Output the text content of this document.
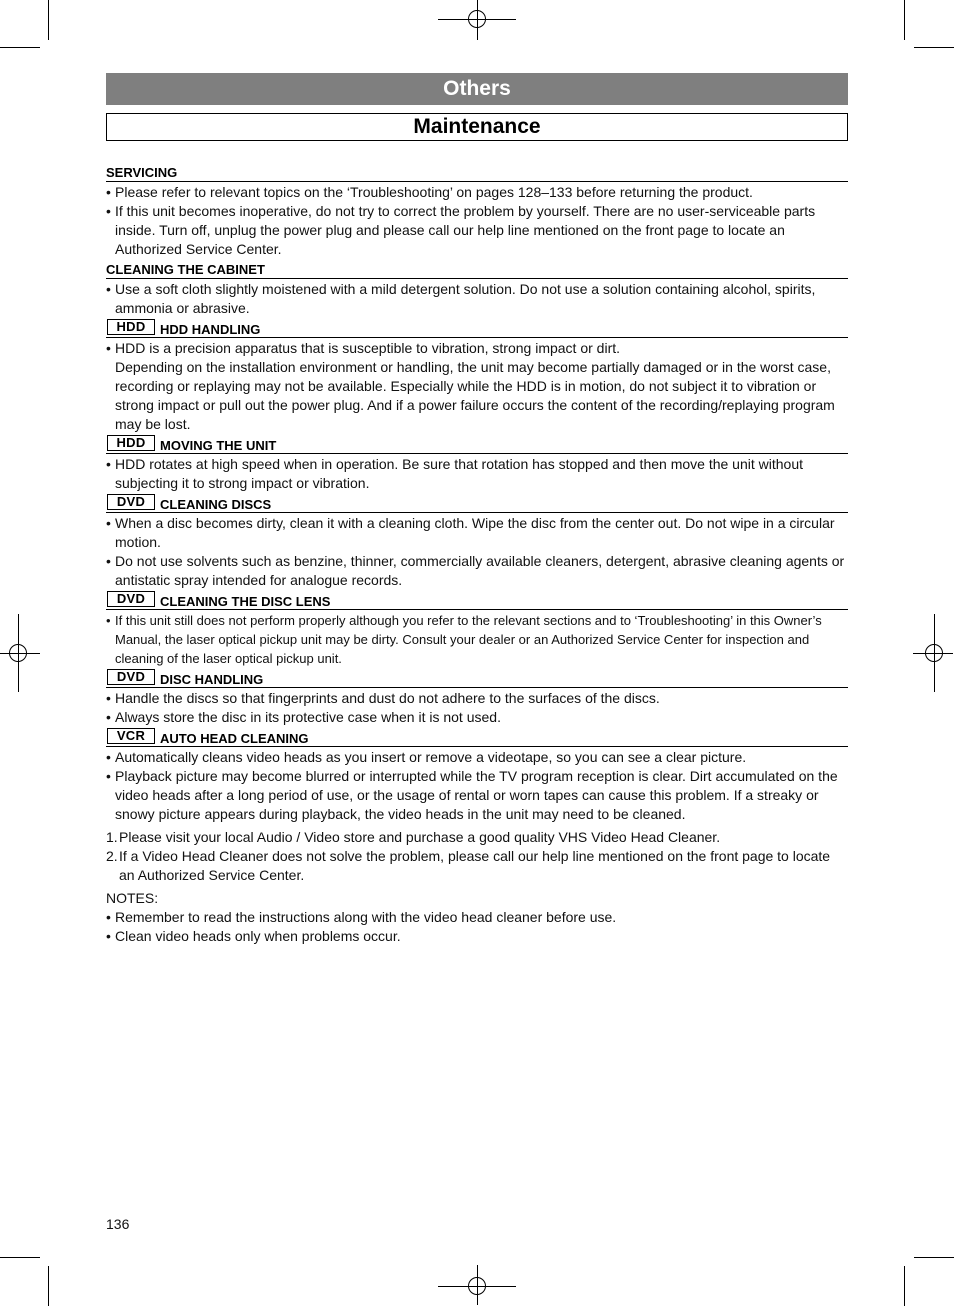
Others
Maintenance
SERVICING

• Please refer to relevant topics on the ‘Troubleshooting’ on pages 128–133 before returning the product.

• If this unit becomes inoperative, do not try to correct the problem by yourself. There are no user-serviceable parts inside. Turn off, unplug the power plug and please call our help line mentioned on the front page to locate an Authorized Service Center.

CLEANING THE CABINET

• Use a soft cloth slightly moistened with a mild detergent solution. Do not use a solution containing alcohol, spirits, ammonia or abrasive.

HDD	HDD HANDLING

• HDD is a precision apparatus that is susceptible to vibration, strong impact or dirt.

Depending on the installation environment or handling, the unit may become partially damaged or in the worst case, recording or replaying may not be available. Especially while the HDD is in motion, do not subject it to vibration or strong impact or pull out the power plug. And if a power failure occurs the content of the recording/replaying program may be lost.

HDD	MOVING THE UNIT

• HDD rotates at high speed when in operation. Be sure that rotation has stopped and then move the unit without subjecting it to strong impact or vibration.

DVD	CLEANING DISCS

• When a disc becomes dirty, clean it with a cleaning cloth. Wipe the disc from the center out. Do not wipe in a circular motion.

• Do not use solvents such as benzine, thinner, commercially available cleaners, detergent, abrasive cleaning agents or antistatic spray intended for analogue records.

DVD	CLEANING THE DISC LENS

• If this unit still does not perform properly although you refer to the relevant sections and to ‘Troubleshooting’ in this Owner’s Manual, the laser optical pickup unit may be dirty. Consult your dealer or an Authorized Service Center for inspection and cleaning of the laser optical pickup unit.

DVD	DISC HANDLING

• Handle the discs so that fingerprints and dust do not adhere to the surfaces of the discs.

• Always store the disc in its protective case when it is not used.

VCR	AUTO HEAD CLEANING

• Automatically cleans video heads as you insert or remove a videotape, so you can see a clear picture.

• Playback picture may become blurred or interrupted while the TV program reception is clear. Dirt accumulated on the video heads after a long period of use, or the usage of rental or worn tapes can cause this problem. If a streaky or snowy picture appears during playback, the video heads in the unit may need to be cleaned.

1. Please visit your local Audio / Video store and purchase a good quality VHS Video Head Cleaner.

2. If a Video Head Cleaner does not solve the problem, please call our help line mentioned on the front page to locate an Authorized Service Center.

NOTES:

• Remember to read the instructions along with the video head cleaner before use.

• Clean video heads only when problems occur.

136
